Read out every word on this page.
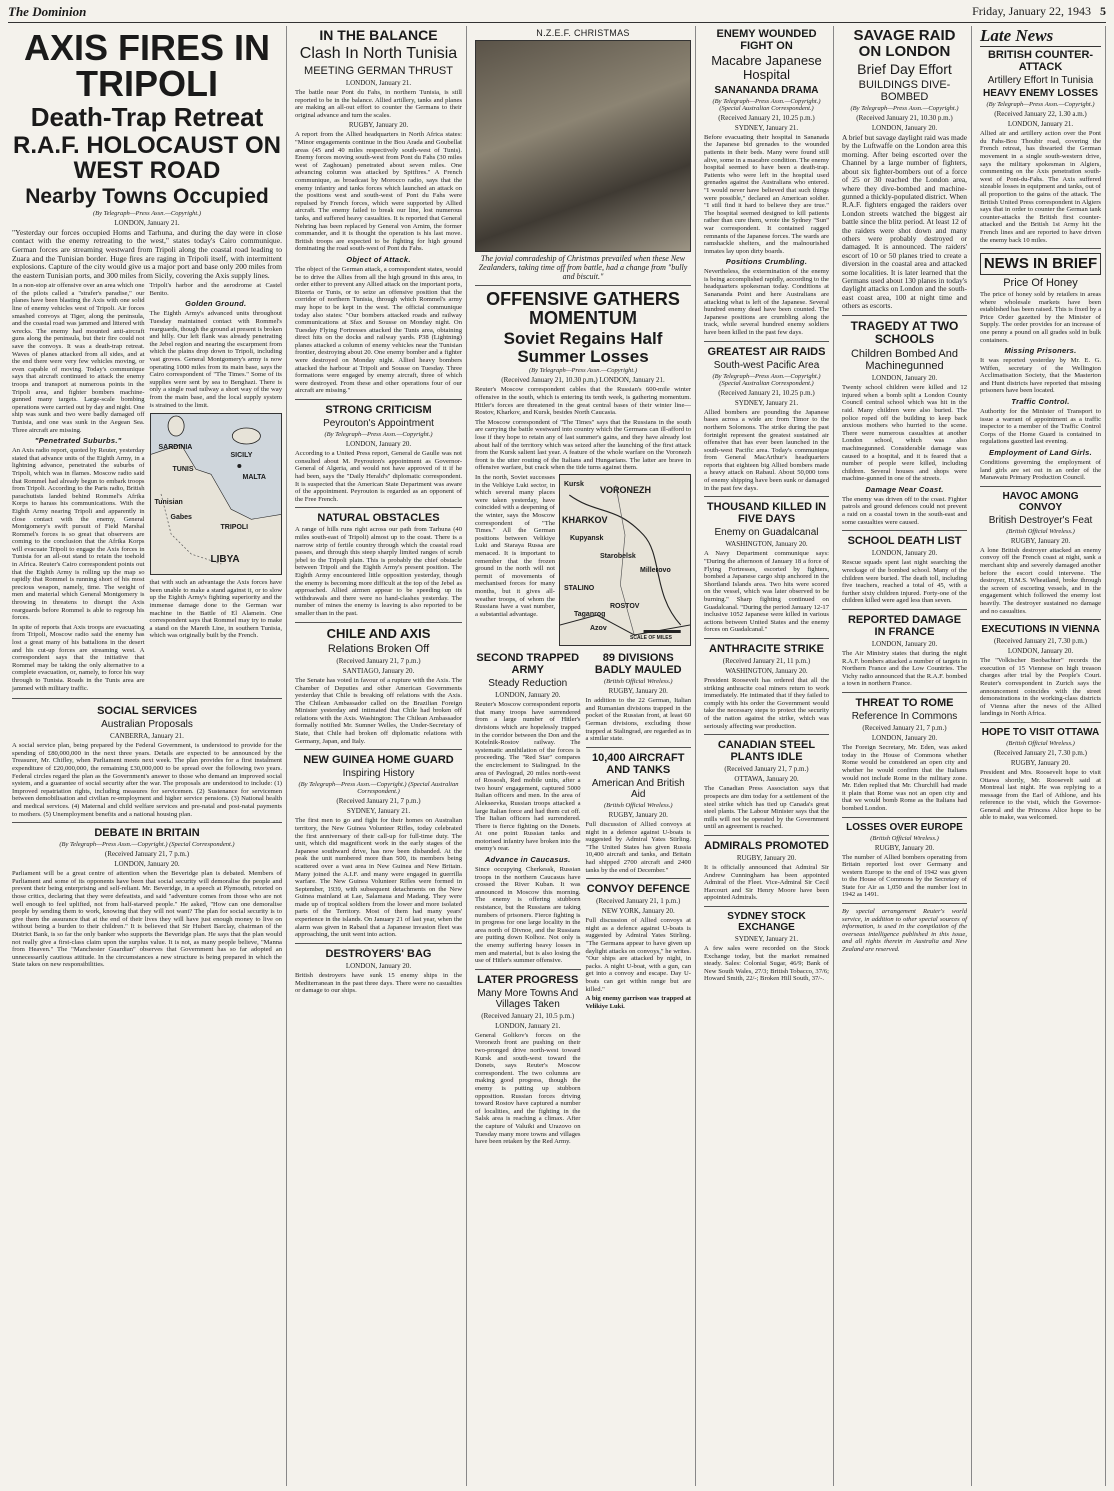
The Dominion	Friday, January 22, 1943 5
AXIS FIRES IN TRIPOLI
Death-Trap Retreat
R.A.F. HOLOCAUST ON WEST ROAD
Nearby Towns Occupied
(By Telegraph—Press Assn.—Copyright.)
LONDON, January 21.

"Yesterday our forces occupied Homs and Tarhuna, and during the day were in close contact with the enemy retreating to the west," states today's Cairo communique. German forces are streaming westward from Tripoli along the coastal road leading to Zuara and the Tunisian border. Huge fires are raging in Tripoli itself, with intermittent explosions. Capture of the city would give us a major port and base only 200 miles from the eastern Tunisian ports, and 300 miles from Sicily, covering the Axis supply lines.

In a non-stop air offensive over an area which one of the pilots called a "strafer's paradise," our planes have been blasting the Axis with one solid line of enemy vehicles west of Tripoli. Air forces smashed convoys at Tiger, along the peninsula, and the coastal road was jammed and littered with wrecks. The enemy had mounted anti-aircraft guns along the peninsula, but their fire could not save the convoys. It was a death-trap retreat. Waves of planes attacked from all sides, and at the end there were very few vehicles moving, or even capable of moving. Today's communique says that aircraft continued to attack the enemy troops and transport at numerous points in the Tripoli area, and fighter bombers machine-gunned many targets. Large-scale bombing operations were carried out by day and night. One ship was sunk and two were badly damaged off Tunisia, and one was sunk in the Aegean Sea. Three aircraft are missing.

"Penetrated Suburbs."

An Axis radio report, quoted by Reuter, yesterday stated that advance units of the Eighth Army, in a lightning advance, penetrated the suburbs of Tripoli, which was in flames. Moscow radio said that Rommel had already begun to embark troops from Tripoli. According to the Paris radio, British parachutists landed behind Rommel's Afrika Korps to harass his communications. With the Eighth Army nearing Tripoli and apparently in close contact with the enemy, General Montgomery's swift pursuit of Field Marshal Rommel's forces is so great that observers are coming to the conclusion that the Afrika Korps will evacuate Tripoli to engage the Axis forces in Tunisia for an all-out stand to retain the toehold in Africa. Reuter's Cairo correspondent points out that the Eighth Army is rolling up the map so rapidly that Rommel is running short of his most precious weapon, namely, time. The weight of men and material which General Montgomery is throwing in threatens to disrupt the Axis rearguards before Rommel is able to regroup his forces.

In spite of reports that Axis troops are evacuating from Tripoli, Moscow radio said the enemy has lost a great many of his battalions in the desert and his cut-up forces are streaming west. A correspondent says that the initiative that Rommel may be taking the only alternative to a complete evacuation, or, namely, to force his way through to Tunisia. Roads in the Tunis area are jammed with military traffic.

Tripoli's harbor and the aerodrome at Castel Benito.

Golden Ground.

The Eighth Army's advanced units throughout Tuesday maintained contact with Rommel's rearguards, though the ground at present is broken and hilly. Our left flank was already penetrating the Jebel region and nearing the escarpment from which the plains drop down to Tripoli, including vast groves. General Montgomery's army is now operating 1000 miles from its main base, says the Cairo correspondent of "The Times." Some of its supplies were sent by sea to Benghazi. There is only a single road railway a short way of the way from the main base, and the local supply system is strained to the limit.

SARDINIA
SICILY
TUNIS
MALTA
TRIPOLI
LIBYA
Tunisian
Gabes

that with such an advantage the Axis forces have been unable to make a stand against it, or to slow up the Eighth Army's fighting superiority and the immense damage done to the German war machine in the Battle of El Alamein. One correspondent says that Rommel may try to make a stand on the Mareth Line, in southern Tunisia, which was originally built by the French.

SOCIAL SERVICES
Australian Proposals
CANBERRA, January 21.

A social service plan, being prepared by the Federal Government, is understood to provide for the spending of £80,000,000 in the next three years. Details are expected to be announced by the Treasurer, Mr. Chifley, when Parliament meets next week. The plan provides for a first instalment expenditure of £20,000,000, the remaining £30,000,000 to be spread over the following two years. Federal circles regard the plan as the Government's answer to those who demand an improved social system, and a guarantee of social security after the war. The proposals are understood to include: (1) Improved repatriation rights, including measures for servicemen. (2) Sustenance for servicemen between demobilisation and civilian re-employment and higher service pensions. (3) National health and medical services. (4) Maternal and child welfare services and pre-natal and post-natal payments to mothers. (5) Unemployment benefits and a national housing plan.

DEBATE IN BRITAIN
(By Telegraph—Press Assn.—Copyright.) (Special Correspondent.)
(Received January 21, 7 p.m.)
LONDON, January 20.

Parliament will be a great centre of attention when the Beveridge plan is debated. Members of Parliament and some of its opponents have been that social security will demoralise the people and prevent their being enterprising and self-reliant. Mr. Beveridge, in a speech at Plymouth, retorted on those critics, declaring that they were defeatists, and said "adventure comes from those who are not well enough to feel uplifted, not from half-starved people." He asked, "How can one demoralise people by sending them to work, knowing that they will not want? The plan for social security is to give them the assurance that at the end of their lives they will have just enough money to live on without being a burden to their children." It is believed that Sir Hubert Barclay, chairman of the District Bank, is so far the only banker who supports the Beveridge plan. He says that the plan would not really give a first-class claim upon the surplus value. It is not, as many people believe, "Manna from Heaven." The "Manchester Guardian" observes that Government has so far adopted an unnecessarily cautious attitude. In the circumstances a new structure is being prepared in which the State takes on new responsibilities.

IN THE BALANCE
Clash In North Tunisia
MEETING GERMAN THRUST
LONDON, January 21.

The battle near Pont du Fahs, in northern Tunisia, is still reported to be in the balance. Allied artillery, tanks and planes are making an all-out effort to counter the Germans to their original advance and turn the scales.

RUGBY, January 20.

A report from the Allied headquarters in North Africa states: "Minor engagements continue in the Bou Arada and Goubellat areas (45 and 40 miles respectively south-west of Tunis). Enemy forces moving south-west from Pont du Fahs (30 miles west of Zaghouan) penetrated about seven miles. One advancing column was attacked by Spitfires." A French communique, as broadcast by Morocco radio, says that the enemy infantry and tanks forces which launched an attack on the positions west and south-west of Pont du Fahs were repulsed by French forces, which were supported by Allied aircraft. The enemy failed to break our line, lost numerous tanks, and suffered heavy casualties. It is reported that General Nehring has been replaced by General von Arnim, the former commander, and it is thought the operation is his last move. British troops are expected to be fighting for high ground dominating the road south-west of Pont du Fahs.

Object of Attack.

The object of the German attack, a correspondent states, would be to drive the Allies from all the high ground in this area, in order either to prevent any Allied attack on the important ports, Bizerta or Tunis, or to seize an offensive position that the corridor of northern Tunisia, through which Rommel's army may hope to be kept in the west. The official communique today also states: "Our bombers attacked roads and railway communications at Sfax and Sousse on Monday night. On Tuesday Flying Fortresses attacked the Tunis area, obtaining direct hits on the docks and railway yards. P38 (Lightning) planes attacked a column of enemy vehicles near the Tunisian frontier, destroying about 20. One enemy bomber and a fighter were destroyed on Monday night. Allied heavy bombers attacked the harbour at Tripoli and Sousse on Tuesday. Three formations were engaged by enemy aircraft, three of which were destroyed. From these and other operations four of our aircraft are missing."

STRONG CRITICISM
Peyrouton's Appointment
(By Telegraph—Press Assn.—Copyright.)
LONDON, January 20.

According to a United Press report, General de Gaulle was not consulted about M. Peyrouton's appointment as Governor-General of Algeria, and would not have approved of it if he had been, says the "Daily Herald's" diplomatic correspondent. It is suspected that the American State Department was aware of the appointment. Peyrouton is regarded as an opponent of the Free French.

NATURAL OBSTACLES

A range of hills runs right across our path from Tarhuna (40 miles south-east of Tripoli) almost up to the coast. There is a narrow strip of fertile country through which the coastal road passes, and through this steep sharply limited ranges of scrub jebel to the Tripoli plain. This is probably the chief obstacle between Tripoli and the Eighth Army's present position. The Eighth Army encountered little opposition yesterday, though the enemy is becoming more difficult at the top of the Jebel as approached. Allied airmen appear to be speeding up its withdrawals and there were no hand-clashes yesterday. The number of mines the enemy is leaving is also reported to be smaller than in the past.

CHILE AND AXIS
Relations Broken Off
(Received January 21, 7 p.m.)
SANTIAGO, January 20.

The Senate has voted in favour of a rupture with the Axis. The Chamber of Deputies and other American Governments yesterday that Chile is breaking off relations with the Axis. The Chilean Ambassador called on the Brazilian Foreign Minister yesterday and intimated that Chile had broken off relations with the Axis. Washington: The Chilean Ambassador formally notified Mr. Sumner Welles, the Under-Secretary of State, that Chile had broken off diplomatic relations with Germany, Japan, and Italy.

NEW GUINEA HOME GUARD
Inspiring History
(By Telegraph—Press Assn.—Copyright.) (Special Australian Correspondent.)
(Received January 21, 7 p.m.)
SYDNEY, January 21.

The first men to go and fight for their homes on Australian territory, the New Guinea Volunteer Rifles, today celebrated the first anniversary of their call-up for full-time duty. The unit, which did magnificent work in the early stages of the Japanese southward drive, has now been disbanded. At the peak the unit numbered more than 500, its members being scattered over a vast area in New Guinea and New Britain. Many joined the A.I.F. and many were engaged in guerrilla warfare. The New Guinea Volunteer Rifles were formed in September, 1939, with subsequent detachments on the New Guinea mainland at Lae, Salamaua and Madang. They were made up of tropical soldiers from the lower and more isolated parts of the Territory. Most of them had many years' experience in the islands. On January 21 of last year, when the alarm was given in Rabaul that a Japanese invasion fleet was approaching, the unit went into action.

DESTROYERS' BAG
LONDON, January 20.

British destroyers have sunk 15 enemy ships in the Mediterranean in the past three days. There were no casualties or damage to our ships.

N.Z.E.F. CHRISTMAS
The jovial comradeship of Christmas prevailed when these New Zealanders, taking time off from battle, had a change from "bully and biscuit."
OFFENSIVE GATHERS MOMENTUM
Soviet Regains Half Summer Losses
(By Telegraph—Press Assn.—Copyright.)
(Received January 21, 10.30 p.m.) LONDON, January 21.

Reuter's Moscow correspondent cables that the Russian's 600-mile winter offensive in the south, which is entering its tenth week, is gathering momentum. Hitler's forces are threatened in the great central bases of their winter line—Rostov, Kharkov, and Kursk, besides North Caucasia.

The Moscow correspondent of "The Times" says that the Russians in the south are carrying the battle westward into country which the Germans can ill-afford to lose if they hope to retain any of last summer's gains, and they have already lost about half of the territory which was seized after the launching of the first attack from the Kursk salient last year. A feature of the whole warfare on the Voronezh front is the utter routing of the Italians and Hungarians. The latter are brave in offensive warfare, but crack when the tide turns against them.

In the north, Soviet successes in the Velikiye Luki sector, in which several many places were taken yesterday, have coincided with a deepening of the winter, says the Moscow correspondent of "The Times." All the German positions between Velikiye Luki and Staraya Russa are menaced. It is important to remember that the frozen ground in the north will not permit of movements of mechanised forces for many months, but it gives all-weather troops, of whom the Russians have a vast number, a substantial advantage.

Kursk
VORONEZH
KHARKOV
Kupyansk
Starobelsk
Millerovo
STALINO
ROSTOV
Taganrog
Azov
SCALE OF MILES
SECOND TRAPPED ARMY
Steady Reduction
LONDON, January 20.

Reuter's Moscow correspondent reports that many troops have surrendered from a large number of Hitler's divisions which are hopelessly trapped in the corridor between the Don and the Kotelnik-Rostov railway. The systematic annihilation of the forces is proceeding. The "Red Star" compares the encirclement to Stalingrad. In the area of Pavlograd, 20 miles north-west of Rossosh, Red mobile units, after a two hours' engagement, captured 5000 Italian officers and men. In the area of Alekseevka, Russian troops attacked a large Italian force and had them cut off. The Italian officers had surrendered. There is fierce fighting on the Donets. At one point Russian tanks and motorised infantry have broken into the enemy's rear.

Advance in Caucasus.

Since occupying Cherkessk, Russian troops in the northern Caucasus have crossed the River Kuban. It was announced in Moscow this morning. The enemy is offering stubborn resistance, but the Russians are taking numbers of prisoners. Fierce fighting is in progress for one large locality in the area north of Divnoe, and the Russians are putting down Kolhoz. Not only is the enemy suffering heavy losses in men and material, but is also losing the use of Hitler's summer offensive.

LATER PROGRESS
Many More Towns And Villages Taken
(Received January 21, 10.5 p.m.)
LONDON, January 21.

General Golikov's forces on the Voronezh front are pushing on their two-pronged drive north-west toward Kursk and south-west toward the Donets, says Reuter's Moscow correspondent. The two columns are making good progress, though the enemy is putting up stubborn opposition. Russian forces driving toward Rostov have captured a number of localities, and the fighting in the Salsk area is reaching a climax. After the capture of Valuiki and Urazovo on Tuesday many more towns and villages have been retaken by the Red Army.

89 DIVISIONS BADLY MAULED
(British Official Wireless.)
RUGBY, January 20.

In addition to the 22 German, Italian and Rumanian divisions trapped in the pocket of the Russian front, at least 60 German divisions, excluding those trapped at Stalingrad, are regarded as in a similar state.

10,400 AIRCRAFT AND TANKS
American And British Aid
(British Official Wireless.)
RUGBY, January 20.

Full discussion of Allied convoys at night in a defence against U-boats is suggested by Admiral Yates Stirling. "The United States has given Russia 10,400 aircraft and tanks, and Britain had shipped 2700 aircraft and 2400 tanks by the end of December."

CONVOY DEFENCE
(Received January 21, 1 p.m.)
NEW YORK, January 20.

Full discussion of Allied convoys at night as a defence against U-boats is suggested by Admiral Yates Stirling. "The Germans appear to have given up daylight attacks on convoys," he writes. "Our ships are attacked by night, in packs. A night U-boat, with a gun, can get into a convoy and escape. Day U-boats can get within range but are killed."

A big enemy garrison was trapped at Velikiye Luki.

ENEMY WOUNDED FIGHT ON
Macabre Japanese Hospital
SANANANDA DRAMA
(By Telegraph—Press Assn.—Copyright.) (Special Australian Correspondent.)
(Received January 21, 10.25 p.m.)
SYDNEY, January 21.

Before evacuating their hospital in Sananada the Japanese bid grenades to the wounded patients in their beds. Many were found still alive, some in a macabre condition. The enemy hospital seemed to have been a death-trap. Patients who were left in the hospital used grenades against the Australians who entered. "I would never have believed that such things were possible," declared an American soldier. "I still find it hard to believe they are true." The hospital seemed designed to kill patients rather than cure them, wrote the Sydney "Sun" war correspondent. It contained ragged remnants of the Japanese forces. The wards are ramshackle shelters, and the malnourished inmates lay upon dirty boards.

Positions Crumbling.

Nevertheless, the extermination of the enemy is being accomplished rapidly, according to the headquarters spokesman today. Conditions at Sanananda Point and here Australians are attacking what is left of the Japanese. Several hundred enemy dead have been counted. The Japanese positions are crumbling along the track, while several hundred enemy soldiers have been killed in the past few days.

GREATEST AIR RAIDS
South-west Pacific Area
(By Telegraph—Press Assn.—Copyright.) (Special Australian Correspondent.)
(Received January 21, 10.25 p.m.)
SYDNEY, January 21.

Allied bombers are pounding the Japanese bases across a wide arc from Timor to the northern Solomons. The strike during the past fortnight represent the greatest sustained air offensive that has ever been launched in the south-west Pacific area. Today's communique from General MacArthur's headquarters reports that eighteen big Allied bombers made a heavy attack on Rabaul. About 50,000 tons of enemy shipping have been sunk or damaged in the past few days.

THOUSAND KILLED IN FIVE DAYS
Enemy on Guadalcanal
WASHINGTON, January 20.

A Navy Department communique says: "During the afternoon of January 18 a force of Flying Fortresses, escorted by fighters, bombed a Japanese cargo ship anchored in the Shortland Islands area. Two hits were scored on the vessel, which was later observed to be burning." Sharp fighting continued on Guadalcanal. "During the period January 12-17 inclusive 1052 Japanese were killed in various actions between United States and the enemy forces on Guadalcanal."

ANTHRACITE STRIKE
(Received January 21, 11 p.m.)
WASHINGTON, January 20.

President Roosevelt has ordered that all the striking anthracite coal miners return to work immediately. He intimated that if they failed to comply with his order the Government would take the necessary steps to protect the security of the nation against the strike, which was seriously affecting war production.

CANADIAN STEEL PLANTS IDLE
(Received January 21, 7 p.m.)
OTTAWA, January 20.

The Canadian Press Association says that prospects are dim today for a settlement of the steel strike which has tied up Canada's great steel plants. The Labour Minister says that the mills will not be operated by the Government until an agreement is reached.

ADMIRALS PROMOTED
RUGBY, January 20.

It is officially announced that Admiral Sir Andrew Cunningham has been appointed Admiral of the Fleet. Vice-Admiral Sir Cecil Harcourt and Sir Henry Moore have been appointed Admirals.

SYDNEY STOCK EXCHANGE
SYDNEY, January 21.

A few sales were recorded on the Stock Exchange today, but the market remained steady. Sales: Colonial Sugar, 46/9; Bank of New South Wales, 27/3; British Tobacco, 37/6; Howard Smith, 22/-; Broken Hill South, 37/-.

SAVAGE RAID ON LONDON
Brief Day Effort
BUILDINGS DIVE-BOMBED
(By Telegraph—Press Assn.—Copyright.)
(Received January 21, 10.30 p.m.)
LONDON, January 20.

A brief but savage daylight raid was made by the Luftwaffe on the London area this morning. After being escorted over the Channel by a large number of fighters, about six fighter-bombers out of a force of 25 or 30 reached the London area, where they dive-bombed and machine-gunned a thickly-populated district. When R.A.F. fighters engaged the raiders over London streets watched the biggest air battle since the blitz period. At least 12 of the raiders were shot down and many others were probably destroyed or damaged. It is announced. The raiders' escort of 10 or 50 planes tried to create a diversion in the coastal area and attacked some localities. It is later learned that the Germans used about 130 planes in today's daylight attacks on London and the south-east coast area, 100 at night time and others as escorts.

TRAGEDY AT TWO SCHOOLS
Children Bombed And Machinegunned
LONDON, January 20.

Twenty school children were killed and 12 injured when a bomb split a London County Council central school which was hit in the raid. Many children were also buried. The police roped off the building to keep back anxious mothers who hurried to the scene. There were numerous casualties at another London school, which was also machinegunned. Considerable damage was caused to a hospital, and it is feared that a number of people were killed, including children. Several houses and shops were machine-gunned in one of the streets.

Damage Near Coast.

The enemy was driven off to the coast. Fighter patrols and ground defences could not prevent a raid on a coastal town in the south-east and some casualties were caused.

SCHOOL DEATH LIST
LONDON, January 20.

Rescue squads spent last night searching the wreckage of the bombed school. Many of the children were buried. The death toll, including five teachers, reached a total of 45, with a further sixty children injured. Forty-one of the children killed were aged less than seven.

REPORTED DAMAGE IN FRANCE
LONDON, January 20.

The Air Ministry states that during the night R.A.F. bombers attacked a number of targets in Northern France and the Low Countries. The Vichy radio announced that the R.A.F. bombed a town in northern France.

THREAT TO ROME
Reference In Commons
(Received January 21, 7 p.m.)
LONDON, January 20.

The Foreign Secretary, Mr. Eden, was asked today in the House of Commons whether Rome would be considered an open city and whether he would confirm that the Italians would not include Rome in the military zone. Mr. Eden replied that Mr. Churchill had made it plain that Rome was not an open city and that we would bomb Rome as the Italians had bombed London.

LOSSES OVER EUROPE
(British Official Wireless.)
RUGBY, January 20.

The number of Allied bombers operating from Britain reported lost over Germany and western Europe to the end of 1942 was given to the House of Commons by the Secretary of State for Air as 1,050 and the number lost in 1942 as 1491.

By special arrangement Reuter's world service, in addition to other special sources of information, is used in the compilation of the overseas intelligence published in this issue, and all rights therein in Australia and New Zealand are reserved.

Late News
BRITISH COUNTER-ATTACK
Artillery Effort In Tunisia
HEAVY ENEMY LOSSES
(By Telegraph—Press Assn.—Copyright.)
(Received January 22, 1.30 a.m.)
LONDON, January 21.

Allied air and artillery action over the Pont du Fahs-Bou Thoubir road, covering the French retreat, has thwarted the German movement in a single south-western drive, says the military spokesman in Algiers, commenting on the Axis penetration south-west of Pont-du-Fahs. The Axis suffered sizeable losses in equipment and tanks, out of all proportion to the gains of the attack. The British United Press correspondent in Algiers says that in order to counter the German tank counter-attacks the British first counter-attacked and the British 1st Army hit the French lines and are reported to have driven the enemy back 10 miles.

NEWS IN BRIEF
Price Of Honey

The price of honey sold by retailers in areas where wholesale markets have been established has been raised. This is fixed by a Price Order gazetted by the Minister of Supply. The order provides for an increase of one penny a pound on all grades sold in bulk containers.

Missing Prisoners.

It was reported yesterday by Mr. E. G. Wiffen, secretary of the Wellington Acclimatisation Society, that the Masterton and Hunt districts have reported that missing prisoners have been located.

Traffic Control.

Authority for the Minister of Transport to issue a warrant of appointment as a traffic inspector to a member of the Traffic Control Corps of the Home Guard is contained in regulations gazetted last evening.

Employment of Land Girls.

Conditions governing the employment of land girls are set out in an order of the Manawatu Primary Production Council.

HAVOC AMONG CONVOY
British Destroyer's Feat
(British Official Wireless.)
RUGBY, January 20.

A lone British destroyer attacked an enemy convoy off the French coast at night, sank a merchant ship and severely damaged another before the escort could intervene. The destroyer, H.M.S. Wheatland, broke through the screen of escorting vessels, and in the engagement which followed the enemy lost heavily. The destroyer sustained no damage and no casualties.

EXECUTIONS IN VIENNA
(Received January 21, 7.30 p.m.)
LONDON, January 20.

The "Volkischer Beobachter" records the execution of 15 Viennese on high treason charges after trial by the People's Court. Reuter's correspondent in Zurich says the announcement coincides with the street demonstrations in the working-class districts of Vienna after the news of the Allied landings in North Africa.

HOPE TO VISIT OTTAWA
(British Official Wireless.)
(Received January 21, 7.30 p.m.)
RUGBY, January 20.

President and Mrs. Roosevelt hope to visit Ottawa shortly, Mr. Roosevelt said at Montreal last night. He was replying to a message from the Earl of Athlone, and his reference to the visit, which the Governor-General and the Princess Alice hope to be able to make, was welcomed.
